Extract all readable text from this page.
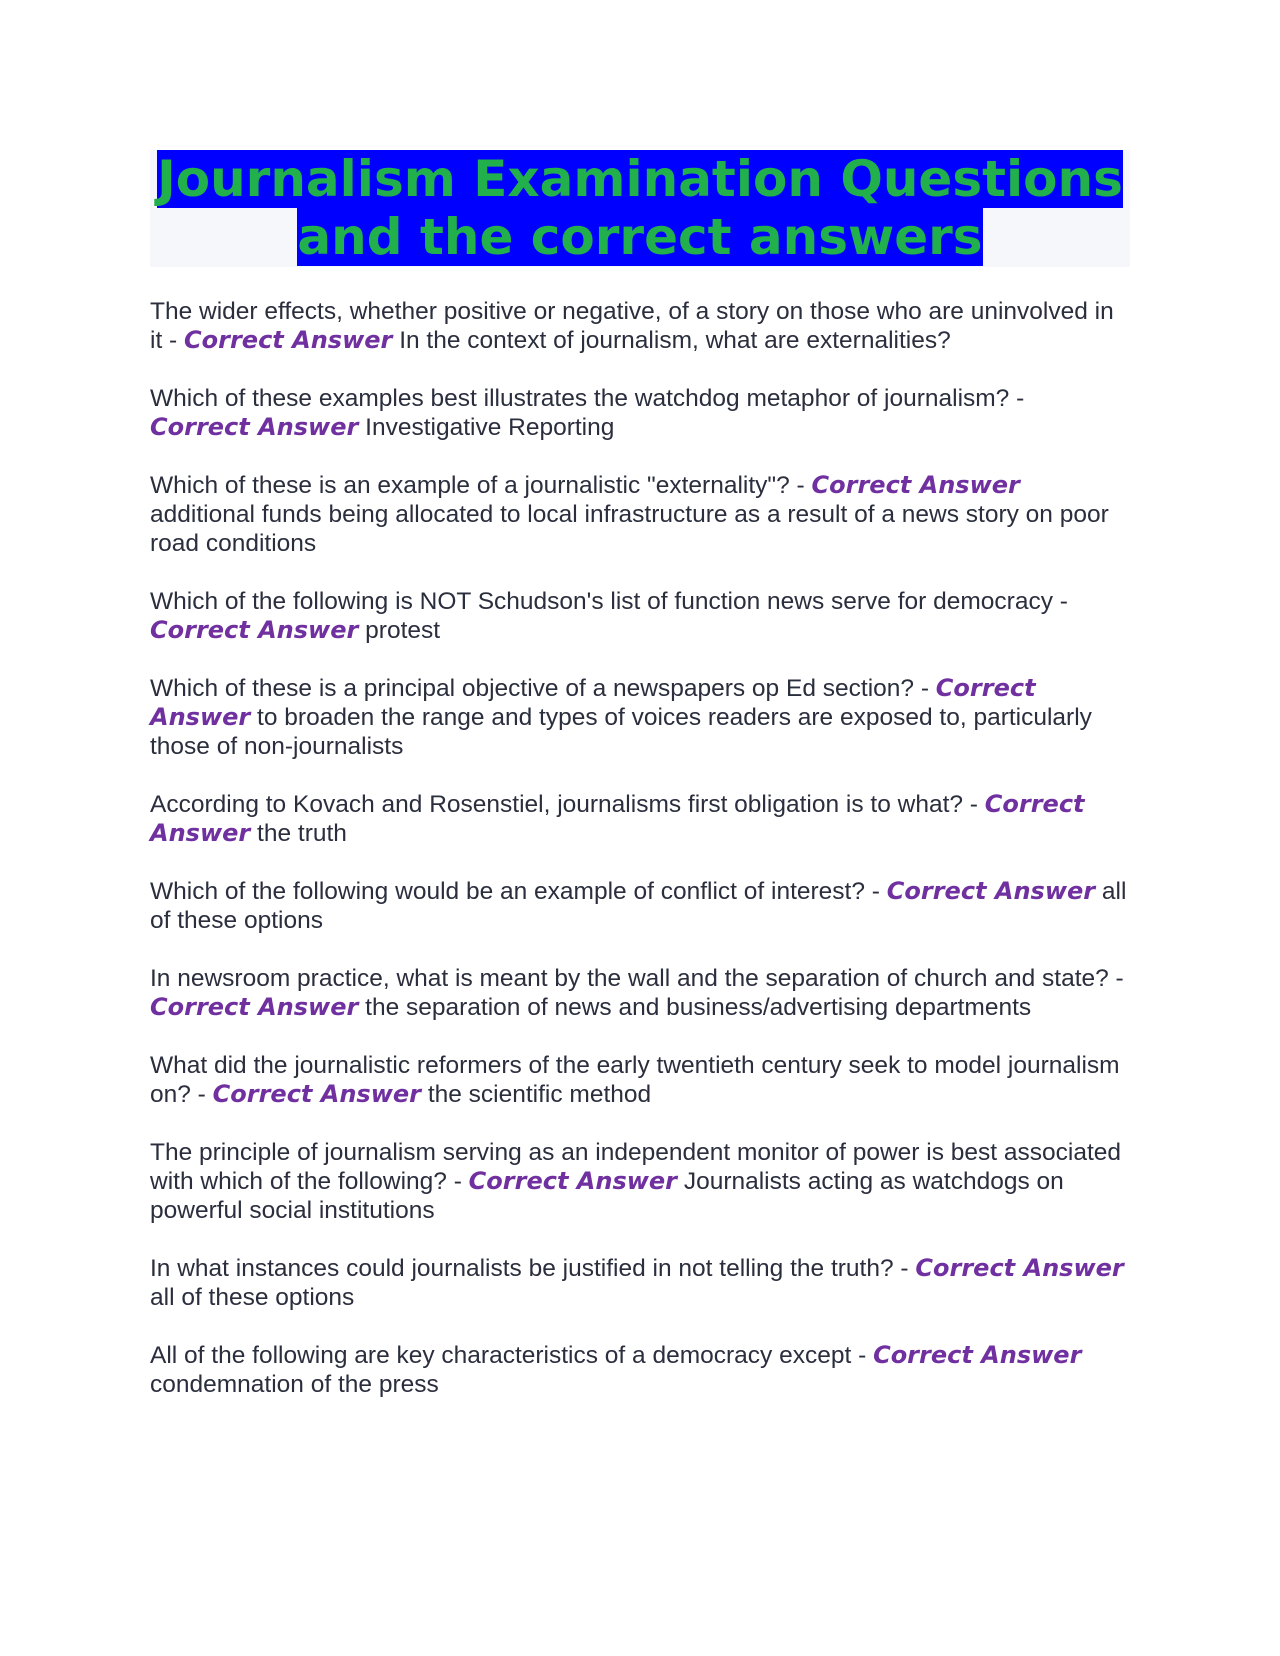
Journalism Examination Questions
and the correct answers

The wider effects, whether positive or negative, of a story on those who are uninvolved in it - Correct Answer In the context of journalism, what are externalities?

Which of these examples best illustrates the watchdog metaphor of journalism? - Correct Answer Investigative Reporting

Which of these is an example of a journalistic "externality"? - Correct Answer additional funds being allocated to local infrastructure as a result of a news story on poor road conditions

Which of the following is NOT Schudson's list of function news serve for democracy - Correct Answer protest

Which of these is a principal objective of a newspapers op Ed section? - Correct Answer to broaden the range and types of voices readers are exposed to, particularly those of non-journalists

According to Kovach and Rosenstiel, journalisms first obligation is to what? - Correct Answer the truth

Which of the following would be an example of conflict of interest? - Correct Answer all of these options

In newsroom practice, what is meant by the wall and the separation of church and state? - Correct Answer the separation of news and business/advertising departments

What did the journalistic reformers of the early twentieth century seek to model journalism on? - Correct Answer the scientific method

The principle of journalism serving as an independent monitor of power is best associated with which of the following? - Correct Answer Journalists acting as watchdogs on powerful social institutions

In what instances could journalists be justified in not telling the truth? - Correct Answer all of these options

All of the following are key characteristics of a democracy except - Correct Answer condemnation of the press
